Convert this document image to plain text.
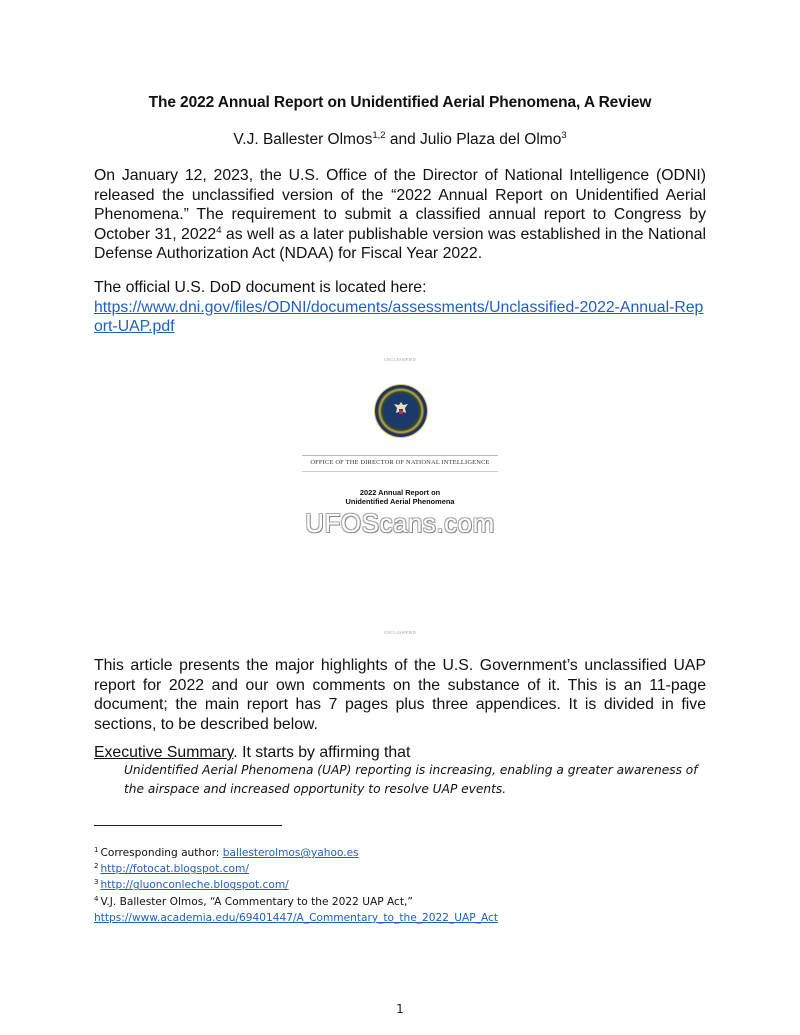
The 2022 Annual Report on Unidentified Aerial Phenomena, A Review
V.J. Ballester Olmos$^{1,2}$ and Julio Plaza del Olmo$^3$
On January 12, 2023, the U.S. Office of the Director of National Intelligence (ODNI) released the unclassified version of the “2022 Annual Report on Unidentified Aerial Phenomena.” The requirement to submit a classified annual report to Congress by October 31, 2022$^4$ as well as a later publishable version was established in the National Defense Authorization Act (NDAA) for Fiscal Year 2022.
The official U.S. DoD document is located here:
https://www.dni.gov/files/ODNI/documents/assessments/Unclassified-2022-Annual-Report-UAP.pdf
UNCLASSIFIED
OFFICE OF THE DIRECTOR OF NATIONAL INTELLIGENCE
2022 Annual Report on
Unidentified Aerial Phenomena
UFOScans.com
UNCLASSIFIED
This article presents the major highlights of the U.S. Government’s unclassified UAP report for 2022 and our own comments on the substance of it. This is an 11-page document; the main report has 7 pages plus three appendices. It is divided in five sections, to be described below.
Executive Summary. It starts by affirming that
Unidentified Aerial Phenomena (UAP) reporting is increasing, enabling a greater awareness of the airspace and increased opportunity to resolve UAP events.
$^1$ Corresponding author: ballesterolmos@yahoo.es
$^2$ http://fotocat.blogspot.com/
$^3$ http://gluonconleche.blogspot.com/
$^4$ V.J. Ballester Olmos, “A Commentary to the 2022 UAP Act,”
https://www.academia.edu/69401447/A_Commentary_to_the_2022_UAP_Act
1
